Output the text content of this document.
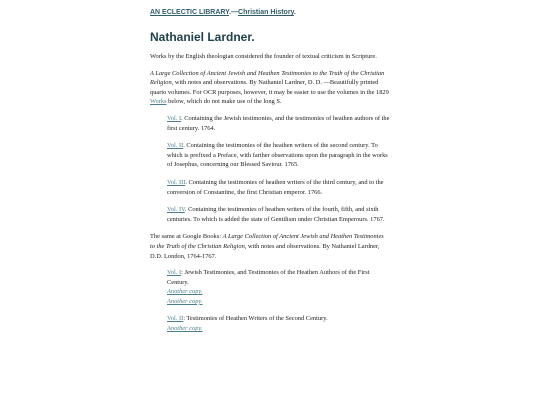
AN ECLECTIC LIBRARY.—Christian History.
Nathaniel Lardner.

Works by the English theologian considered the founder of textual criticism in Scripture.

A Large Collection of Ancient Jewish and Heathen Testimonies to the Truth of the Christian Religion, with notes and observations. By Nathaniel Lardner, D. D. —Beautifully printed quarto volumes. For OCR purposes, however, it may be easier to use the volumes in the 1829 Works below, which do not make use of the long S.

Vol. I. Containing the Jewish testimonies, and the testimonies of heathen authors of the first century. 1764.
Vol. II. Containing the testimonies of the heathen writers of the second century. To which is prefixed a Preface, with farther observations upon the paragraph in the works of Josephus, concerning our Blessed Saviour. 1765.
Vol. III. Containing the testimonies of heathen writers of the third century, and to the conversion of Constantine, the first Christian emperor. 1766.
Vol. IV. Containing the testimonies of heathen writers of the fourth, fifth, and sixth centuries. To which is added the state of Gentilism under Christian Emperours. 1767.

The same at Google Books: A Large Collection of Ancient Jewish and Heathen Testimonies to the Truth of the Christian Religion, with notes and observations. By Nathaniel Lardner, D.D. London, 1764-1767.

Vol. I: Jewish Testimonies, and Testimonies of the Heathen Authors of the First Century.
Another copy.
Another copy.
Vol. II: Testimonies of Heathen Writers of the Second Century.
Another copy.
